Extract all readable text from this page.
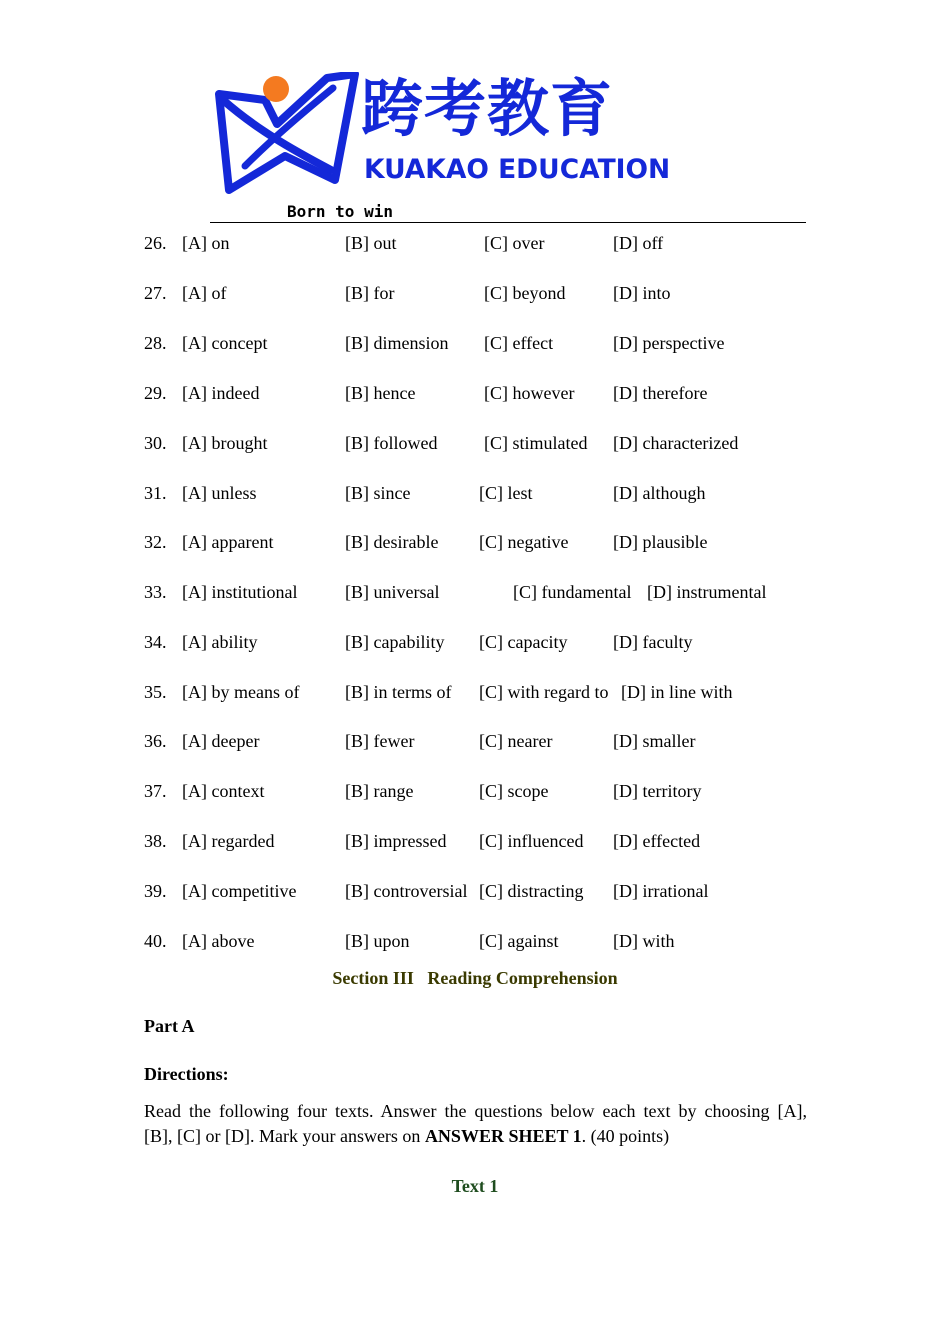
跨考教育
KUAKAO EDUCATION
Born to win
26. [A] on	[B] out	[C] over	[D] off
27. [A] of	[B] for	[C] beyond	[D] into
28. [A] concept	[B] dimension [C] effect	[D] perspective
29. [A] indeed	[B] hence	[C] however [D] therefore
30. [A] brought	[B] followed	[C] stimulated [D] characterized
31. [A] unless	[B] since	[C] lest	[D] although
32. [A] apparent	[B] desirable [C] negative [D] plausible
33. [A] institutional	[B] universal	[C] fundamental [D] instrumental
34. [A] ability	[B] capability [C] capacity	[D] faculty
35. [A] by means of	[B] in terms of [C] with regard to [D] in line with
36. [A] deeper	[B] fewer	[C] nearer	[D] smaller
37. [A] context	[B] range	[C] scope	[D] territory
38. [A] regarded	[B] impressed [C] influenced [D] effected
39. [A] competitive	[B] controversial [C] distracting [D] irrational
40. [A] above	[B] upon	[C] against	[D] with
Section III   Reading Comprehension
Part A
Directions:
Read the following four texts. Answer the questions below each text by choosing [A],
[B], [C] or [D]. Mark your answers on ANSWER SHEET 1. (40 points)
Text 1
